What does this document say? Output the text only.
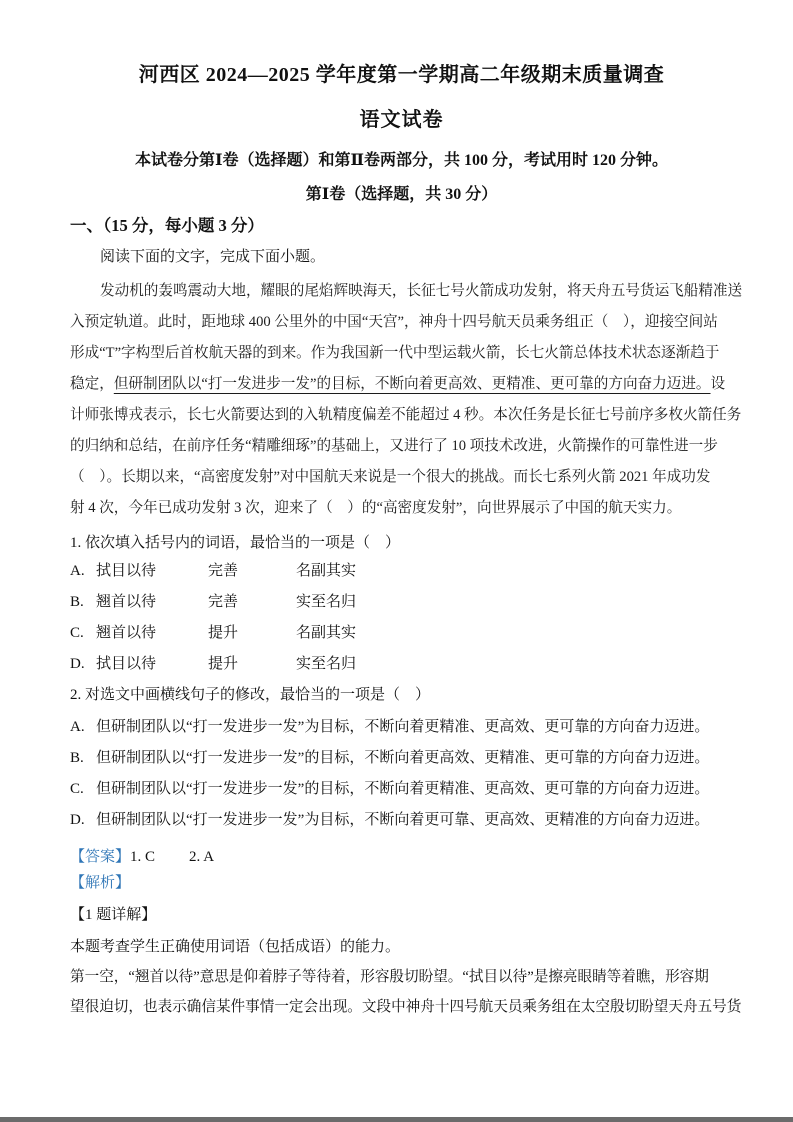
河西区 2024—2025 学年度第一学期高二年级期末质量调查
语文试卷
本试卷分第Ⅰ卷（选择题）和第Ⅱ卷两部分，共 100 分，考试用时 120 分钟。
第Ⅰ卷（选择题，共 30 分）
一、（15 分，每小题 3 分）
阅读下面的文字，完成下面小题。
发动机的轰鸣震动大地，耀眼的尾焰辉映海天，长征七号火箭成功发射，将天舟五号货运飞船精准送
入预定轨道。此时，距地球 400 公里外的中国“天宫”，神舟十四号航天员乘务组正（　），迎接空间站
形成“T”字构型后首枚航天器的到来。作为我国新一代中型运载火箭，长七火箭总体技术状态逐渐趋于
稳定，但研制团队以“打一发进步一发”的目标，不断向着更高效、更精准、更可靠的方向奋力迈进。设
计师张博戎表示，长七火箭要达到的入轨精度偏差不能超过 4 秒。本次任务是长征七号前序多枚火箭任务
的归纳和总结，在前序任务“精雕细琢”的基础上，又进行了 10 项技术改进，火箭操作的可靠性进一步
（　）。长期以来，“高密度发射”对中国航天来说是一个很大的挑战。而长七系列火箭 2021 年成功发
射 4 次，今年已成功发射 3 次，迎来了（　）的“高密度发射”，向世界展示了中国的航天实力。
1. 依次填入括号内的词语，最恰当的一项是（　）
A. 拭目以待	完善	名副其实
B. 翘首以待	完善	实至名归
C. 翘首以待	提升	名副其实
D. 拭目以待	提升	实至名归
2. 对选文中画横线句子的修改，最恰当的一项是（　）
A. 但研制团队以“打一发进步一发”为目标，不断向着更精准、更高效、更可靠的方向奋力迈进。
B. 但研制团队以“打一发进步一发”的目标，不断向着更高效、更精准、更可靠的方向奋力迈进。
C. 但研制团队以“打一发进步一发”的目标，不断向着更精准、更高效、更可靠的方向奋力迈进。
D. 但研制团队以“打一发进步一发”为目标，不断向着更可靠、更高效、更精准的方向奋力迈进。
【答案】 1. C 2. A
【解析】
【1 题详解】
本题考查学生正确使用词语（包括成语）的能力。
第一空，“翘首以待”意思是仰着脖子等待着，形容殷切盼望。“拭目以待”是擦亮眼睛等着瞧，形容期
望很迫切，也表示确信某件事情一定会出现。文段中神舟十四号航天员乘务组在太空殷切盼望天舟五号货
